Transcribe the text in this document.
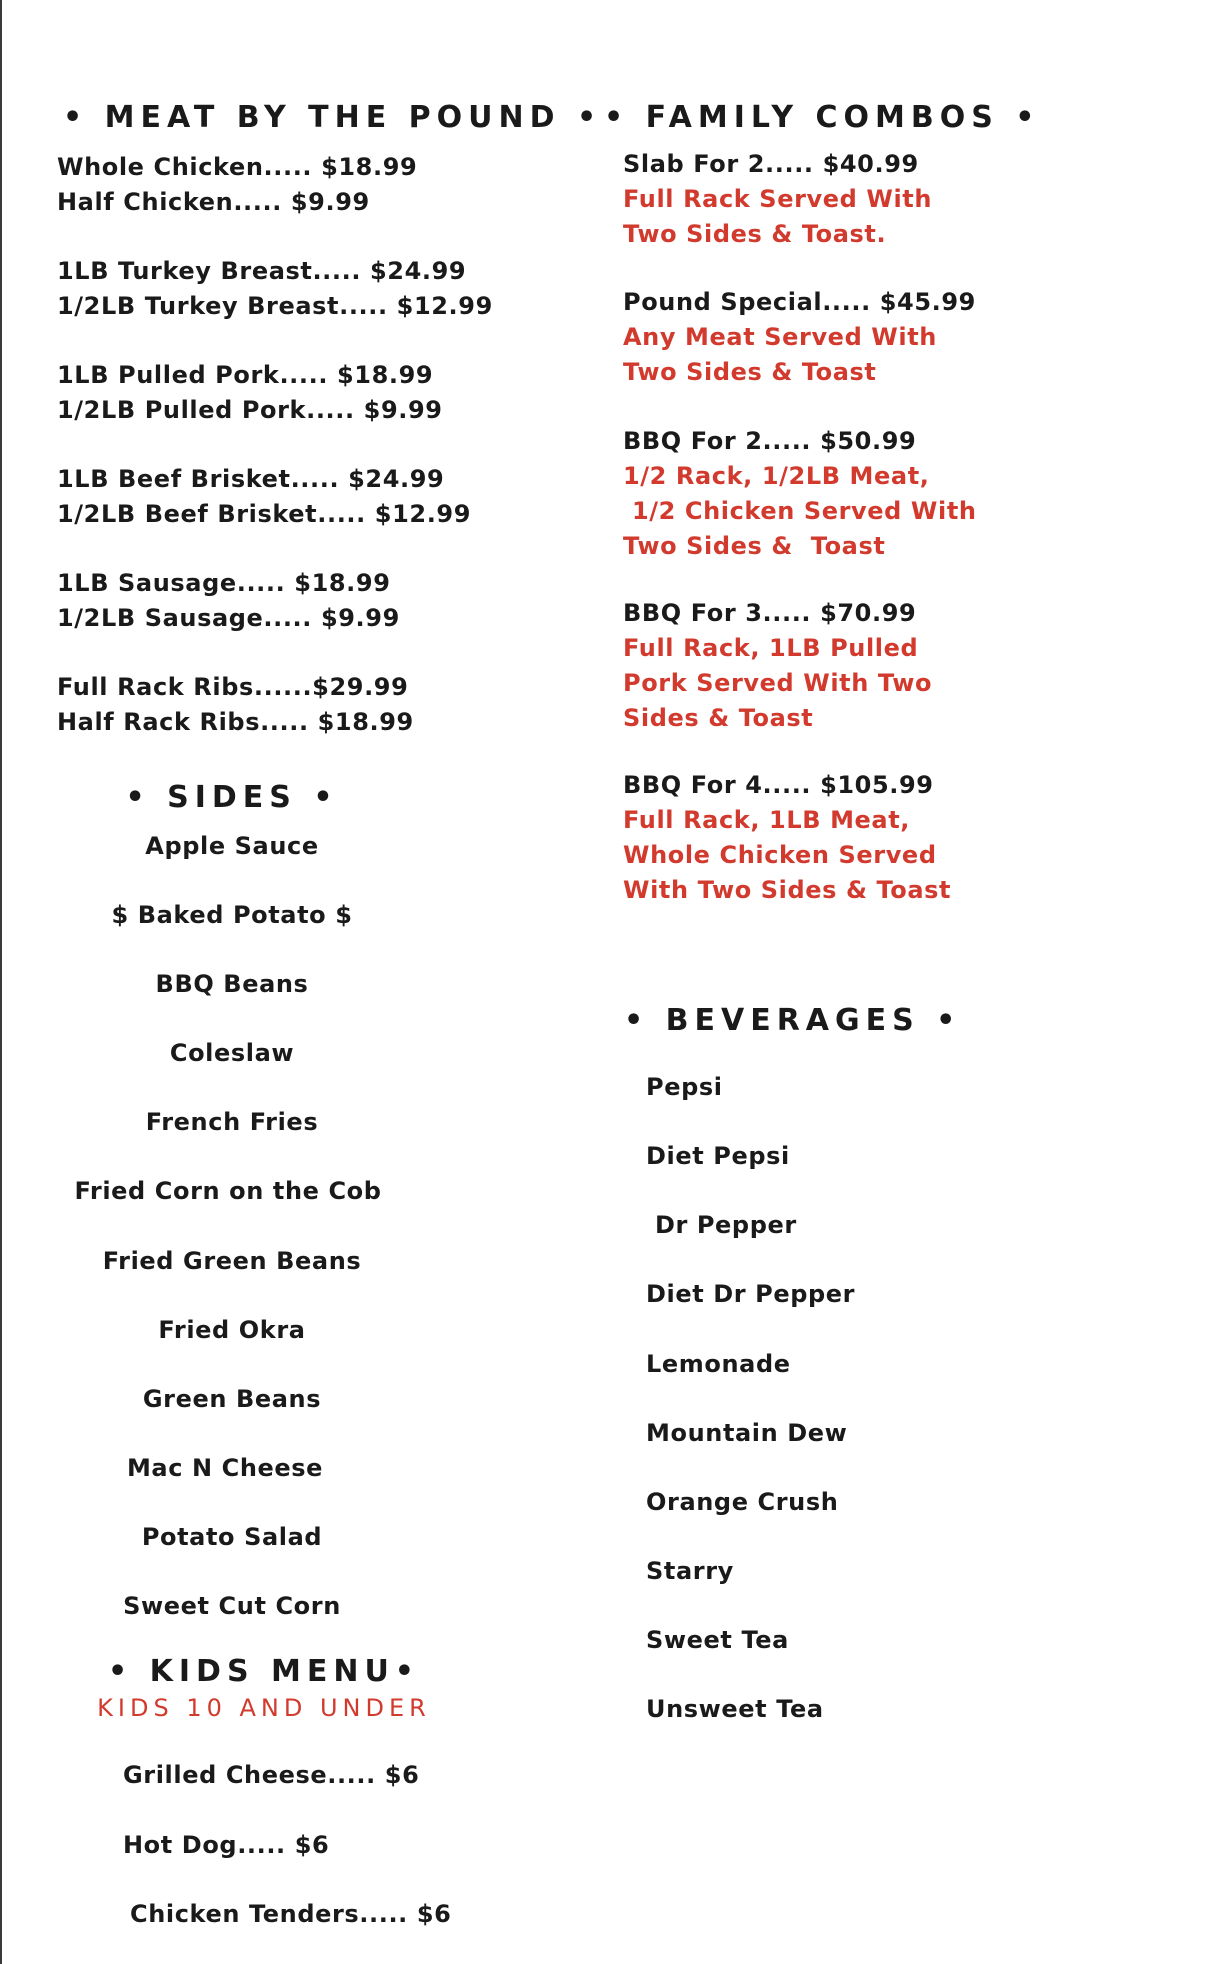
• MEAT BY THE POUND •
Whole Chicken..... $18.99
Half Chicken..... $9.99
1LB Turkey Breast..... $24.99
1/2LB Turkey Breast..... $12.99
1LB Pulled Pork..... $18.99
1/2LB Pulled Pork..... $9.99
1LB Beef Brisket..... $24.99
1/2LB Beef Brisket..... $12.99
1LB Sausage..... $18.99
1/2LB Sausage..... $9.99
Full Rack Ribs......$29.99
Half Rack Ribs..... $18.99
• SIDES •
Apple Sauce
$ Baked Potato $
BBQ Beans
Coleslaw
French Fries
Fried Corn on the Cob
Fried Green Beans
Fried Okra
Green Beans
Mac N Cheese
Potato Salad
Sweet Cut Corn
• KIDS MENU•
KIDS 10 AND UNDER
Grilled Cheese..... $6
Hot Dog..... $6
Chicken Tenders..... $6
• FAMILY COMBOS •
Slab For 2..... $40.99
Full Rack Served With
Two Sides & Toast.
Pound Special..... $45.99
Any Meat Served With
Two Sides & Toast
BBQ For 2..... $50.99
1/2 Rack, 1/2LB Meat,
1/2 Chicken Served With
Two Sides &  Toast
BBQ For 3..... $70.99
Full Rack, 1LB Pulled
Pork Served With Two
Sides & Toast
BBQ For 4..... $105.99
Full Rack, 1LB Meat,
Whole Chicken Served
With Two Sides & Toast
• BEVERAGES •
Pepsi
Diet Pepsi
Dr Pepper
Diet Dr Pepper
Lemonade
Mountain Dew
Orange Crush
Starry
Sweet Tea
Unsweet Tea
